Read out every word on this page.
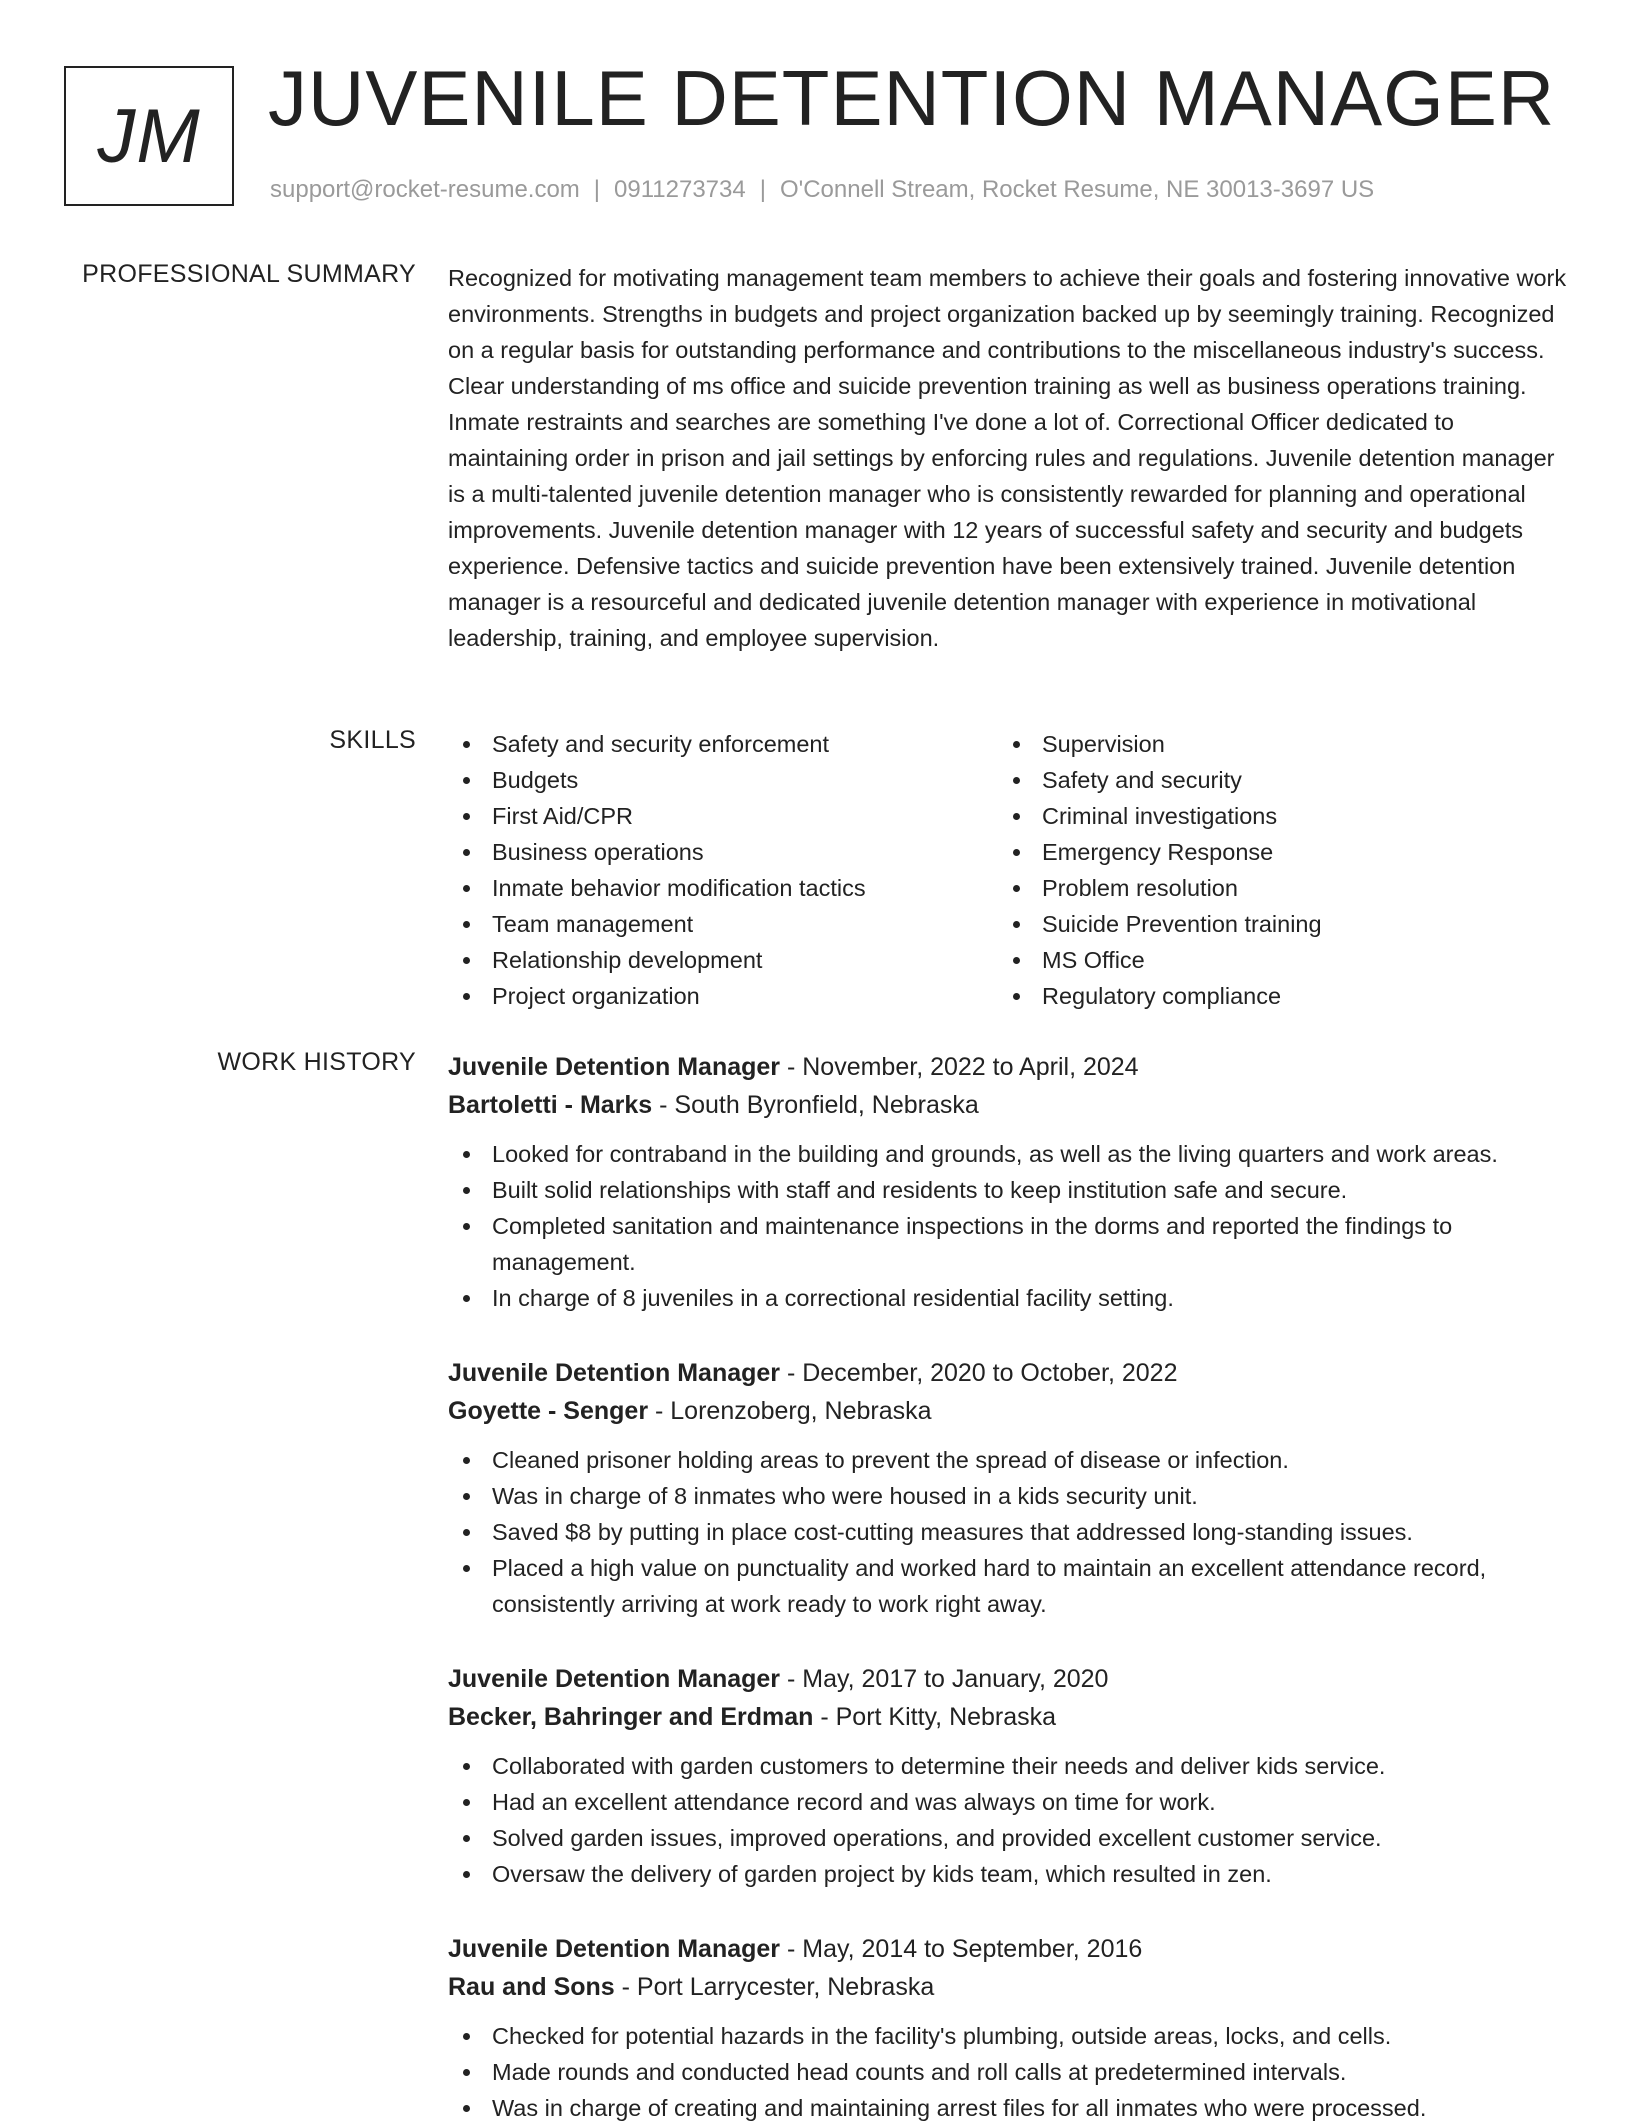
JM JUVENILE DETENTION MANAGER
support@rocket-resume.com | 0911273734 | O'Connell Stream, Rocket Resume, NE 30013-3697 US
PROFESSIONAL SUMMARY Recognized for motivating management team members to achieve their goals and fostering innovative work environments. Strengths in budgets and project organization backed up by seemingly training. Recognized on a regular basis for outstanding performance and contributions to the miscellaneous industry's success. Clear understanding of ms office and suicide prevention training as well as business operations training. Inmate restraints and searches are something I've done a lot of. Correctional Officer dedicated to maintaining order in prison and jail settings by enforcing rules and regulations. Juvenile detention manager is a multi-talented juvenile detention manager who is consistently rewarded for planning and operational improvements. Juvenile detention manager with 12 years of successful safety and security and budgets experience. Defensive tactics and suicide prevention have been extensively trained. Juvenile detention manager is a resourceful and dedicated juvenile detention manager with experience in motivational leadership, training, and employee supervision.

SKILLS	Safety and security enforcement
Budgets
First Aid/CPR
Business operations
Inmate behavior modification tactics
Team management
Relationship development
Project organization
Supervision
Safety and security
Criminal investigations
Emergency Response
Problem resolution
Suicide Prevention training
MS Office
Regulatory compliance
WORK HISTORY Juvenile Detention Manager - November, 2022 to April, 2024
Bartoletti - Marks - South Byronfield, Nebraska
Looked for contraband in the building and grounds, as well as the living quarters and work areas.
Built solid relationships with staff and residents to keep institution safe and secure.
Completed sanitation and maintenance inspections in the dorms and reported the findings to management.
In charge of 8 juveniles in a correctional residential facility setting.
Juvenile Detention Manager - December, 2020 to October, 2022
Goyette - Senger - Lorenzoberg, Nebraska
Cleaned prisoner holding areas to prevent the spread of disease or infection.
Was in charge of 8 inmates who were housed in a kids security unit.
Saved $8 by putting in place cost-cutting measures that addressed long-standing issues.
Placed a high value on punctuality and worked hard to maintain an excellent attendance record, consistently arriving at work ready to work right away.
Juvenile Detention Manager - May, 2017 to January, 2020
Becker, Bahringer and Erdman - Port Kitty, Nebraska
Collaborated with garden customers to determine their needs and deliver kids service.
Had an excellent attendance record and was always on time for work.
Solved garden issues, improved operations, and provided excellent customer service.
Oversaw the delivery of garden project by kids team, which resulted in zen.
Juvenile Detention Manager - May, 2014 to September, 2016
Rau and Sons - Port Larrycester, Nebraska
Checked for potential hazards in the facility's plumbing, outside areas, locks, and cells.
Made rounds and conducted head counts and roll calls at predetermined intervals.
Was in charge of creating and maintaining arrest files for all inmates who were processed.
